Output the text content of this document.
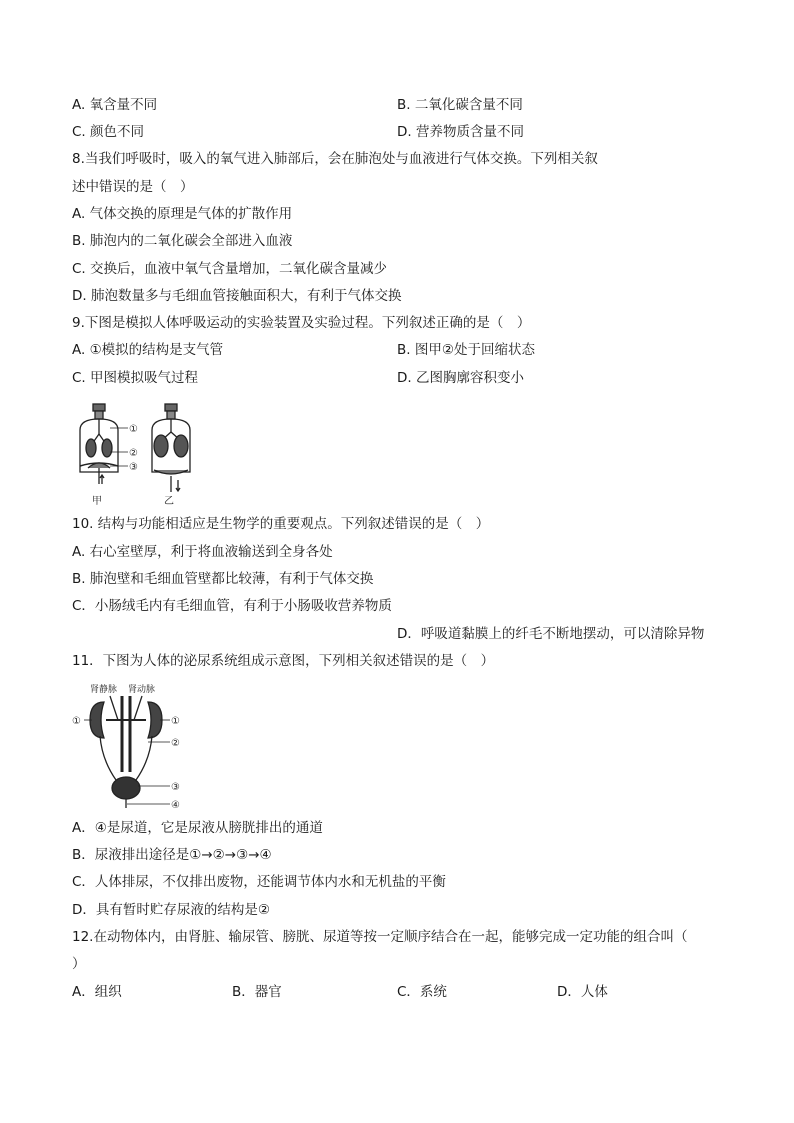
A. 氧含量不同	B. 二氧化碳含量不同
C. 颜色不同	D. 营养物质含量不同
8.当我们呼吸时，吸入的氧气进入肺部后，会在肺泡处与血液进行气体交换。下列相关叙
述中错误的是（　）
A. 气体交换的原理是气体的扩散作用
B. 肺泡内的二氧化碳会全部进入血液
C. 交换后，血液中氧气含量增加，二氧化碳含量减少
D. 肺泡数量多与毛细血管接触面积大，有利于气体交换
9.下图是模拟人体呼吸运动的实验装置及实验过程。下列叙述正确的是（　）
A. ①模拟的结构是支气管	B. 图甲②处于回缩状态
C. 甲图模拟吸气过程	D. 乙图胸廓容积变小
①
②
③
甲	乙
10. 结构与功能相适应是生物学的重要观点。下列叙述错误的是（　）
A. 右心室壁厚，利于将血液输送到全身各处
B. 肺泡壁和毛细血管壁都比较薄，有利于气体交换
C．小肠绒毛内有毛细血管，有利于小肠吸收营养物质
D．呼吸道黏膜上的纤毛不断地摆动，可以清除异物
11．下图为人体的泌尿系统组成示意图，下列相关叙述错误的是（　）
肾静脉 肾动脉
①	①
②
③
④
A．④是尿道，它是尿液从膀胱排出的通道
B．尿液排出途径是①→②→③→④
C．人体排尿，不仅排出废物，还能调节体内水和无机盐的平衡
D．具有暂时贮存尿液的结构是②
12.在动物体内，由肾脏、输尿管、膀胱、尿道等按一定顺序结合在一起，能够完成一定功能的组合叫（
）
A．组织	B．器官	C．系统	D．人体
